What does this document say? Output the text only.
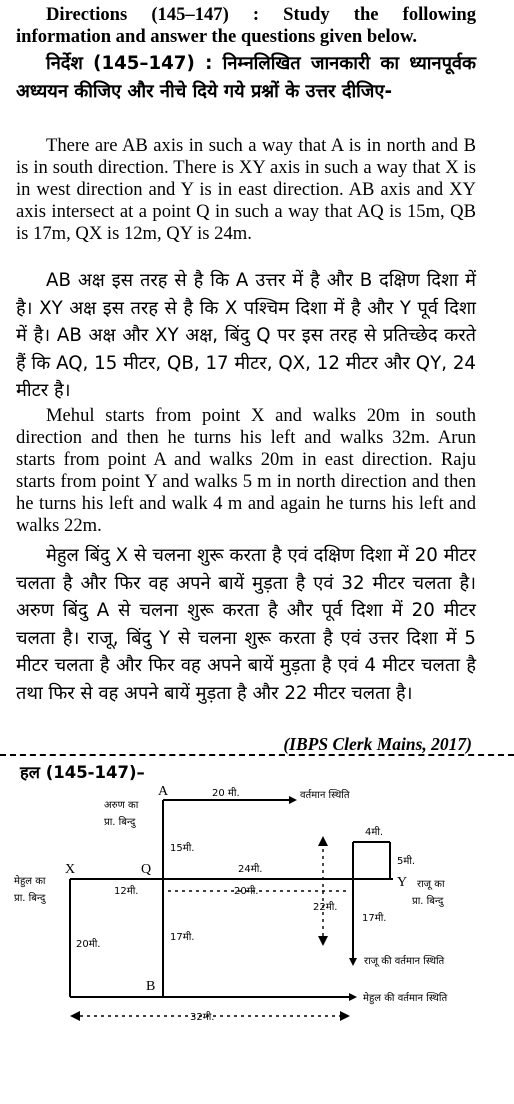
Directions (145–147) : Study the following information and answer the questions given below.

निर्देश (145–147) : निम्नलिखित जानकारी का ध्यानपूर्वक अध्ययन कीजिए और नीचे दिये गये प्रश्नों के उत्तर दीजिए-

There are AB axis in such a way that A is in north and B is in south direction. There is XY axis in such a way that X is in west direction and Y is in east direction. AB axis and XY axis intersect at a point Q in such a way that AQ is 15m, QB is 17m, QX is 12m, QY is 24m.

AB अक्ष इस तरह से है कि A उत्तर में है और B दक्षिण दिशा में है। XY अक्ष इस तरह से है कि X पश्चिम दिशा में है और Y पूर्व दिशा में है। AB अक्ष और XY अक्ष, बिंदु Q पर इस तरह से प्रतिच्छेद करते हैं कि AQ, 15 मीटर, QB, 17 मीटर, QX, 12 मीटर और QY, 24 मीटर है।

Mehul starts from point X and walks 20m in south direction and then he turns his left and walks 32m. Arun starts from point A and walks 20m in east direction. Raju starts from point Y and walks 5 m in north direction and then he turns his left and walk 4 m and again he turns his left and walks 22m.

मेहुल बिंदु X से चलना शुरू करता है एवं दक्षिण दिशा में 20 मीटर चलता है और फिर वह अपने बायें मुड़ता है एवं 32 मीटर चलता है। अरुण बिंदु A से चलना शुरू करता है और पूर्व दिशा में 20 मीटर चलता है। राजू, बिंदु Y से चलना शुरू करता है एवं उत्तर दिशा में 5 मीटर चलता है और फिर वह अपने बायें मुड़ता है एवं 4 मीटर चलता है तथा फिर से वह अपने बायें मुड़ता है और 22 मीटर चलता है।

(IBPS Clerk Mains, 2017)
हल (145-147)–
A
Q
X
Y
B
अरुण का
प्रा. बिन्दु
20 मी.	वर्तमान स्थिति
15मी.
24मी.
12मी.	20मी.
5मी.
4मी.
22मी.
17मी.
राजू का
प्रा. बिन्दु
राजू की वर्तमान स्थिति
मेहुल का
प्रा. बिन्दु
20मी.
17मी.
मेहुल की वर्तमान स्थिति
32मी.
